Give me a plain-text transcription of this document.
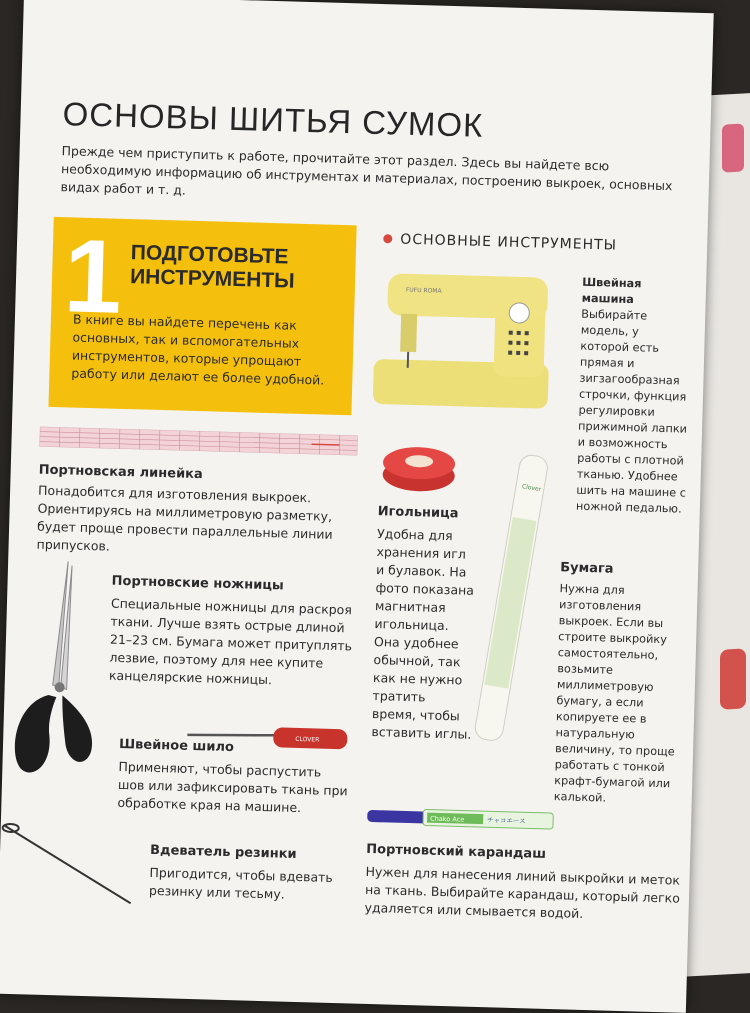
ОСНОВЫ ШИТЬЯ СУМОК
Прежде чем приступить к работе, прочитайте этот раздел. Здесь вы найдете всю необходимую информацию об инструментах и материалах, построению выкроек, основных видах работ и т. д.
1 ПОДГОТОВЬТЕ ИНСТРУМЕНТЫ
В книге вы найдете перечень как основных, так и вспомогательных инструментов, которые упрощают работу или делают ее более удобной.
ОСНОВНЫЕ ИНСТРУМЕНТЫ
FUFU ROMA
Швейная машина
Выбирайте модель, у которой есть прямая и зигзагообразная строчки, функция регулировки прижимной лапки и возможность работы с плотной тканью. Удобнее шить на машине с ножной педалью.
Портновская линейка
Понадобится для изготовления выкроек. Ориентируясь на миллиметровую разметку, будет проще провести параллельные линии припусков.
Игольница
Удобна для хранения игл и булавок. На фото показана магнитная игольница. Она удобнее обычной, так как не нужно тратить время, чтобы вставить иглы.
Clover
Бумага
Нужна для изготовления выкроек. Если вы строите выкройку самостоятельно, возьмите миллиметровую бумагу, а если копируете ее в натуральную величину, то проще работать с тонкой крафт-бумагой или калькой.
Портновские ножницы
Специальные ножницы для раскроя ткани. Лучше взять острые длиной 21–23 см. Бумага может притуплять лезвие, поэтому для нее купите канцелярские ножницы.
CLOVER
Швейное шило
Применяют, чтобы распустить шов или зафиксировать ткань при обработке края на машине.
Вдеватель резинки
Пригодится, чтобы вдевать резинку или тесьму.
Chako Ace	チャコエース
Портновский карандаш
Нужен для нанесения линий выкройки и меток на ткань. Выбирайте карандаш, который легко удаляется или смывается водой.
